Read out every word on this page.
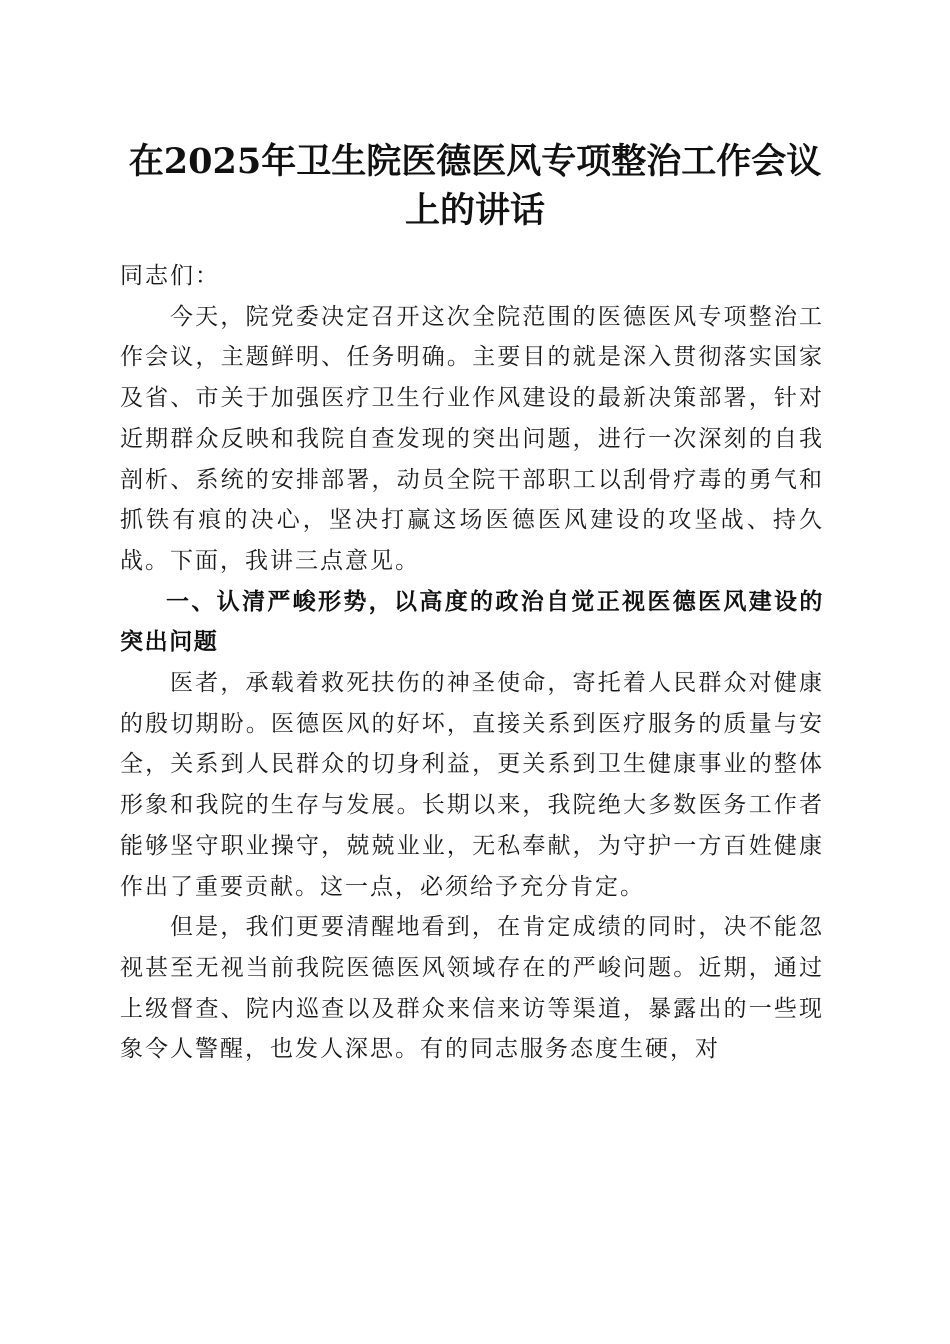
在2025年卫生院医德医风专项整治工作会议
上的讲话

同志们：

今天，院党委决定召开这次全院范围的医德医风专项整治工作会议，主题鲜明、任务明确。主要目的就是深入贯彻落实国家及省、市关于加强医疗卫生行业作风建设的最新决策部署，针对近期群众反映和我院自查发现的突出问题，进行一次深刻的自我剖析、系统的安排部署，动员全院干部职工以刮骨疗毒的勇气和抓铁有痕的决心，坚决打赢这场医德医风建设的攻坚战、持久战。下面，我讲三点意见。

一、认清严峻形势，以高度的政治自觉正视医德医风建设的突出问题

医者，承载着救死扶伤的神圣使命，寄托着人民群众对健康的殷切期盼。医德医风的好坏，直接关系到医疗服务的质量与安全，关系到人民群众的切身利益，更关系到卫生健康事业的整体形象和我院的生存与发展。长期以来，我院绝大多数医务工作者能够坚守职业操守，兢兢业业，无私奉献，为守护一方百姓健康作出了重要贡献。这一点，必须给予充分肯定。

但是，我们更要清醒地看到，在肯定成绩的同时，决不能忽视甚至无视当前我院医德医风领域存在的严峻问题。近期，通过上级督查、院内巡查以及群众来信来访等渠道，暴露出的一些现象令人警醒，也发人深思。有的同志服务态度生硬，对
